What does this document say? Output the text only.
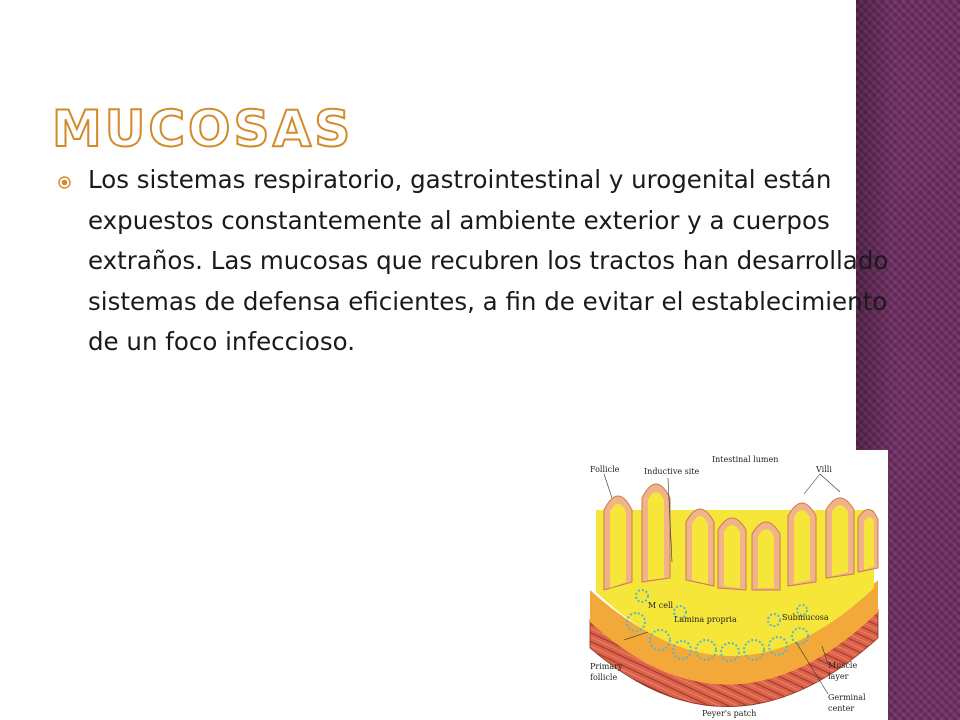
MUCOSAS

Los sistemas respiratorio, gastrointestinal y urogenital están expuestos constantemente al ambiente exterior y a cuerpos extraños. Las mucosas que recubren los tractos han desarrollado sistemas de defensa eficientes, a fin de evitar el establecimiento de un foco infeccioso.

Intestinal lumen
Follicle	Inductive site	Villi
M cell
Lamina propria	Submucosa
Primary
follicle
Muscle
layer
Germinal
center
Peyer's patch
